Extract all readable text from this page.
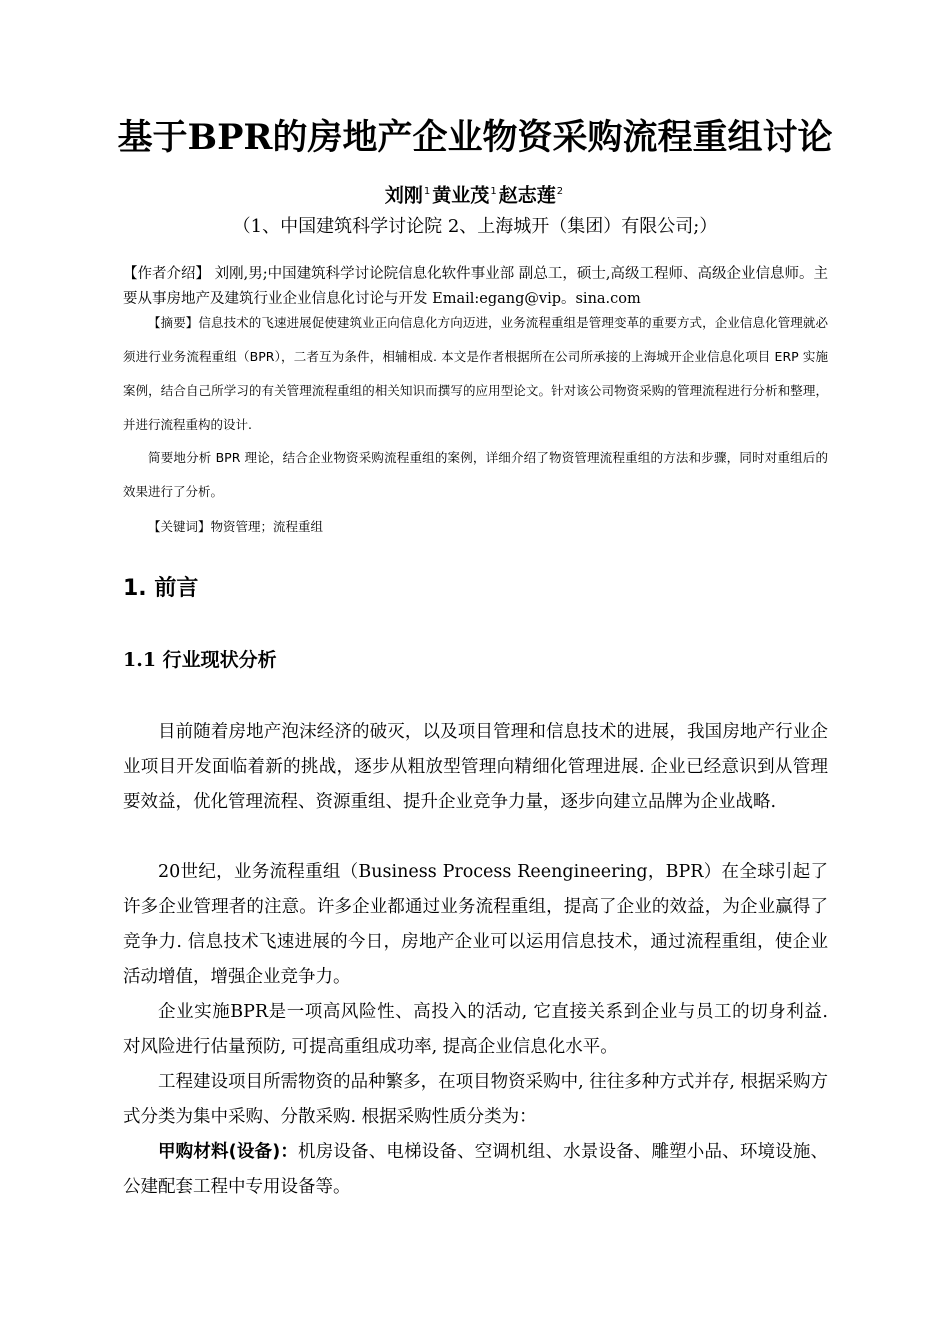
基于BPR的房地产企业物资采购流程重组讨论
刘刚$^1$ 黄业茂$^1$ 赵志莲$^2$
（1、中国建筑科学讨论院 2、上海城开（集团）有限公司;）
【作者介绍】 刘刚,男;中国建筑科学讨论院信息化软件事业部 副总工，硕士,高级工程师、高级企业信息师。主要从事房地产及建筑行业企业信息化讨论与开发 Email:egang@vip。sina.com

【摘要】信息技术的飞速进展促使建筑业正向信息化方向迈进，业务流程重组是管理变革的重要方式，企业信息化管理就必须进行业务流程重组（BPR），二者互为条件，相辅相成. 本文是作者根据所在公司所承接的上海城开企业信息化项目 ERP 实施案例，结合自己所学习的有关管理流程重组的相关知识而撰写的应用型论文。针对该公司物资采购的管理流程进行分析和整理，并进行流程重构的设计.

简要地分析 BPR 理论，结合企业物资采购流程重组的案例，详细介绍了物资管理流程重组的方法和步骤，同时对重组后的效果进行了分析。

【关键词】物资管理；流程重组

1. 前言
1.1 行业现状分析

目前随着房地产泡沫经济的破灭，以及项目管理和信息技术的进展，我国房地产行业企业项目开发面临着新的挑战，逐步从粗放型管理向精细化管理进展. 企业已经意识到从管理要效益，优化管理流程、资源重组、提升企业竞争力量，逐步向建立品牌为企业战略.

20世纪，业务流程重组（Business Process Reengineering，BPR）在全球引起了许多企业管理者的注意。许多企业都通过业务流程重组，提高了企业的效益，为企业赢得了竞争力. 信息技术飞速进展的今日，房地产企业可以运用信息技术，通过流程重组，使企业活动增值，增强企业竞争力。

企业实施BPR是一项高风险性、高投入的活动, 它直接关系到企业与员工的切身利益. 对风险进行估量预防, 可提高重组成功率, 提高企业信息化水平。

工程建设项目所需物资的品种繁多，在项目物资采购中, 往往多种方式并存, 根据采购方式分类为集中采购、分散采购. 根据采购性质分类为：

甲购材料(设备)：机房设备、电梯设备、空调机组、水景设备、雕塑小品、环境设施、公建配套工程中专用设备等。
